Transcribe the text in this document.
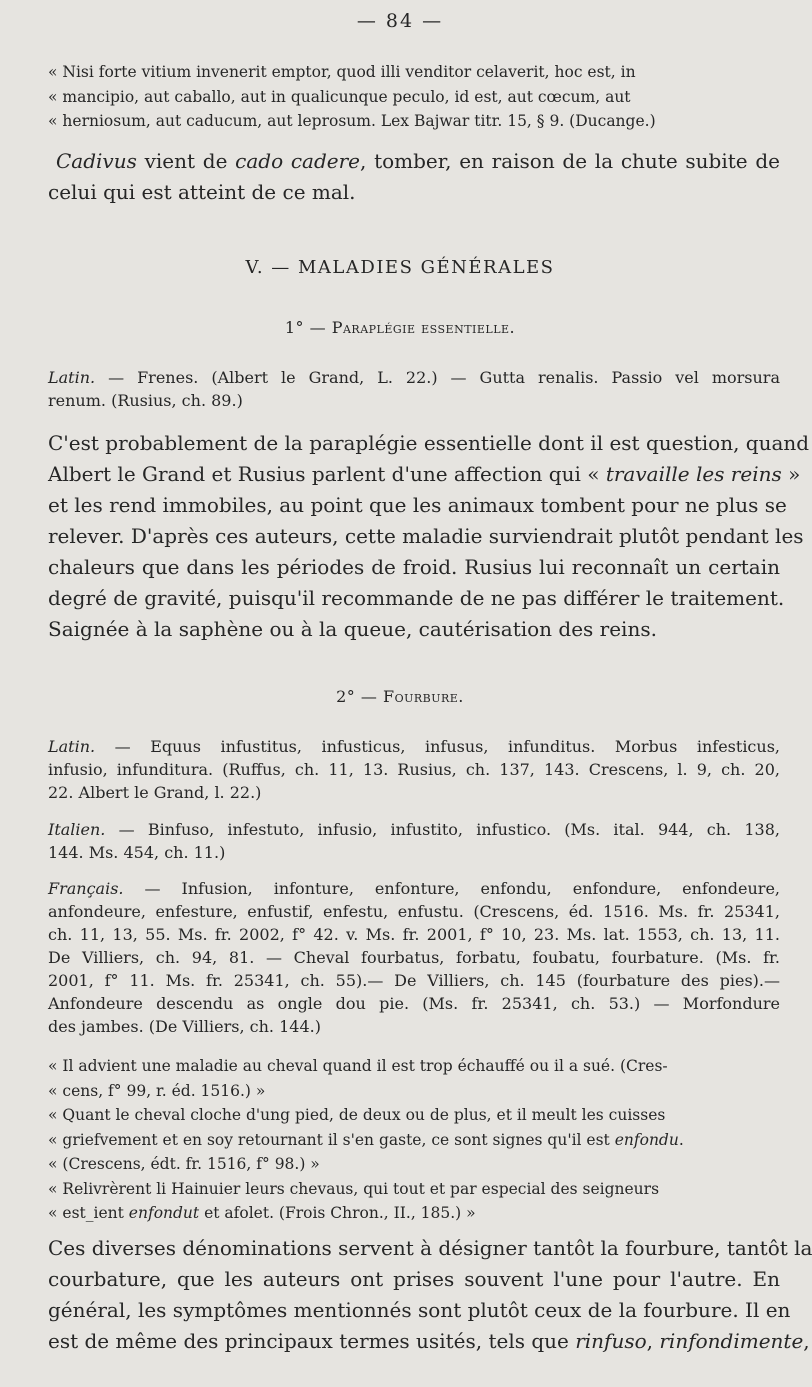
— 84 —

« Nisi forte vitium invenerit emptor, quod illi venditor celaverit, hoc est, in

« mancipio, aut caballo, aut in qualicunque peculo, id est, aut cœcum, aut

« herniosum, aut caducum, aut leprosum. Lex Bajwar titr. 15, § 9. (Ducange.)

Cadivus vient de cado cadere, tomber, en raison de la chute subite de
celui qui est atteint de ce mal.
V. — MALADIES GÉNÉRALES
1° — Paraplégie essentielle.
Latin. — Frenes. (Albert le Grand, L. 22.) — Gutta renalis. Passio vel morsura
renum. (Rusius, ch. 89.)
C'est probablement de la paraplégie essentielle dont il est question, quand
Albert le Grand et Rusius parlent d'une affection qui « travaille les reins »
et les rend immobiles, au point que les animaux tombent pour ne plus se
relever. D'après ces auteurs, cette maladie surviendrait plutôt pendant les
chaleurs que dans les périodes de froid. Rusius lui reconnaît un certain
degré de gravité, puisqu'il recommande de ne pas différer le traitement.
Saignée à la saphène ou à la queue, cautérisation des reins.
2° — Fourbure.
Latin. — Equus infustitus, infusticus, infusus, infunditus. Morbus infesticus,
infusio, infunditura. (Ruffus, ch. 11, 13. Rusius, ch. 137, 143. Crescens, l. 9, ch. 20,
22. Albert le Grand, l. 22.)
Italien. — Binfuso, infestuto, infusio, infustito, infustico. (Ms. ital. 944, ch. 138,
144. Ms. 454, ch. 11.)
Français. — Infusion, infonture, enfonture, enfondu, enfondure, enfondeure,
anfondeure, enfesture, enfustif, enfestu, enfustu. (Crescens, éd. 1516. Ms. fr. 25341,
ch. 11, 13, 55. Ms. fr. 2002, f° 42. v. Ms. fr. 2001, f° 10, 23. Ms. lat. 1553, ch. 13, 11.
De Villiers, ch. 94, 81. — Cheval fourbatus, forbatu, foubatu, fourbature. (Ms. fr.
2001, f° 11. Ms. fr. 25341, ch. 55).— De Villiers, ch. 145 (fourbature des pies).—
Anfondeure descendu as ongle dou pie. (Ms. fr. 25341, ch. 53.) — Morfondure
des jambes. (De Villiers, ch. 144.)

« Il advient une maladie au cheval quand il est trop échauffé ou il a sué. (Cres-

« cens, f° 99, r. éd. 1516.) »

« Quant le cheval cloche d'ung pied, de deux ou de plus, et il meult les cuisses

« griefvement et en soy retournant il s'en gaste, ce sont signes qu'il est enfondu.

« (Crescens, édt. fr. 1516, f° 98.) »

« Relivrèrent li Hainuier leurs chevaus, qui tout et par especial des seigneurs

« est_ient enfondut et afolet. (Frois Chron., II., 185.) »

Ces diverses dénominations servent à désigner tantôt la fourbure, tantôt la
courbature, que les auteurs ont prises souvent l'une pour l'autre. En
général, les symptômes mentionnés sont plutôt ceux de la fourbure. Il en
est de même des principaux termes usités, tels que rinfuso, rinfondimente,
